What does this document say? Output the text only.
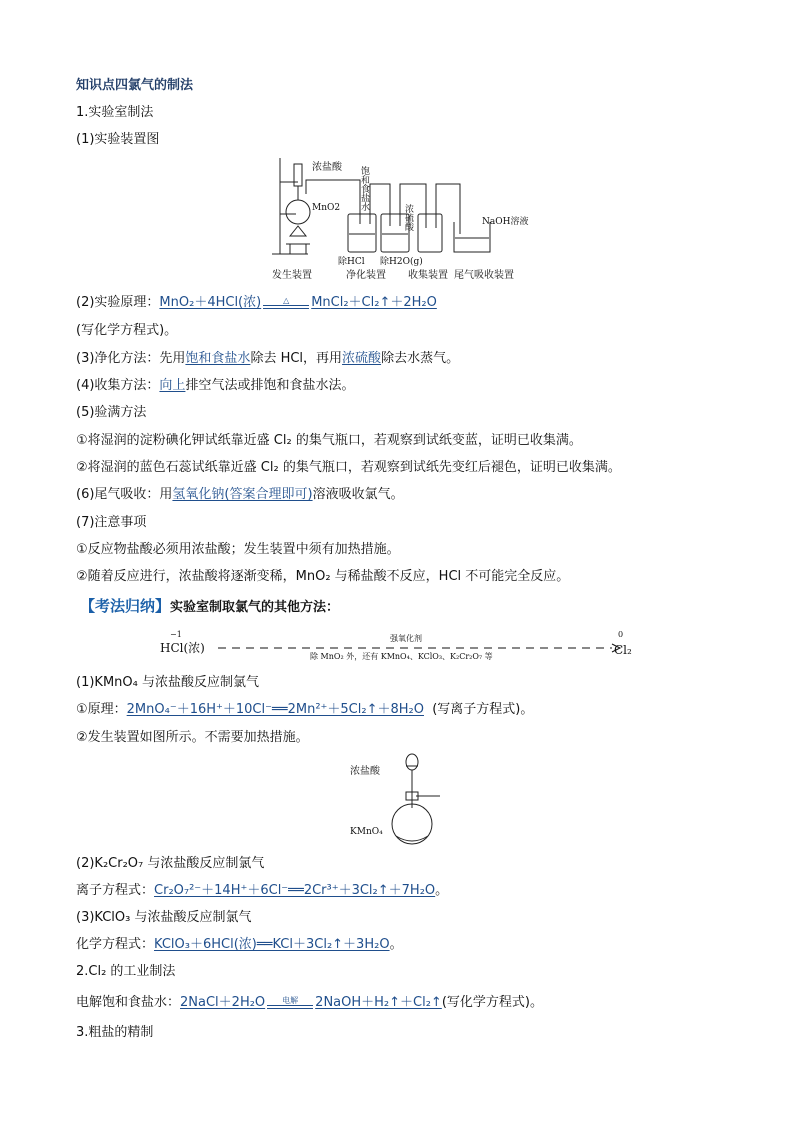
知识点四氯气的制法
1.实验室制法
(1)实验装置图
浓盐酸
MnO2 饱和食盐水
浓硫酸	NaOH溶液
除HCl 除H2O(g)
发生装置	净化装置 收集装置 尾气吸收装置
(2)实验原理：MnO₂＋4HCl(浓)	△	MnCl₂＋Cl₂↑＋2H₂O
(写化学方程式)。
(3)净化方法：先用饱和食盐水除去 HCl，再用浓硫酸除去水蒸气。
(4)收集方法：向上排空气法或排饱和食盐水法。
(5)验满方法
①将湿润的淀粉碘化钾试纸靠近盛 Cl₂ 的集气瓶口，若观察到试纸变蓝，证明已收集满。
②将湿润的蓝色石蕊试纸靠近盛 Cl₂ 的集气瓶口，若观察到试纸先变红后褪色，证明已收集满。
(6)尾气吸收：用氢氧化钠(答案合理即可)溶液吸收氯气。
(7)注意事项
①反应物盐酸必须用浓盐酸；发生装置中须有加热措施。
②随着反应进行，浓盐酸将逐渐变稀，MnO₂ 与稀盐酸不反应，HCl 不可能完全反应。
【考法归纳】实验室制取氯气的其他方法：
−1
HCl(浓)
强氧化剂
除 MnO₂ 外，还有 KMnO₄、KClO₃、K₂Cr₂O₇ 等
0
Cl₂
(1)KMnO₄ 与浓盐酸反应制氯气
①原理：2MnO₄⁻＋16H⁺＋10Cl⁻══2Mn²⁺＋5Cl₂↑＋8H₂O (写离子方程式)。
②发生装置如图所示。不需要加热措施。
浓盐酸
KMnO₄
(2)K₂Cr₂O₇ 与浓盐酸反应制氯气
离子方程式：Cr₂O₇²⁻＋14H⁺＋6Cl⁻══2Cr³⁺＋3Cl₂↑＋7H₂O。
(3)KClO₃ 与浓盐酸反应制氯气
化学方程式：KClO₃＋6HCl(浓)══KCl＋3Cl₂↑＋3H₂O。
2.Cl₂ 的工业制法
电解饱和食盐水：2NaCl＋2H₂O	电解	2NaOH＋H₂↑＋Cl₂↑(写化学方程式)。
3.粗盐的精制
